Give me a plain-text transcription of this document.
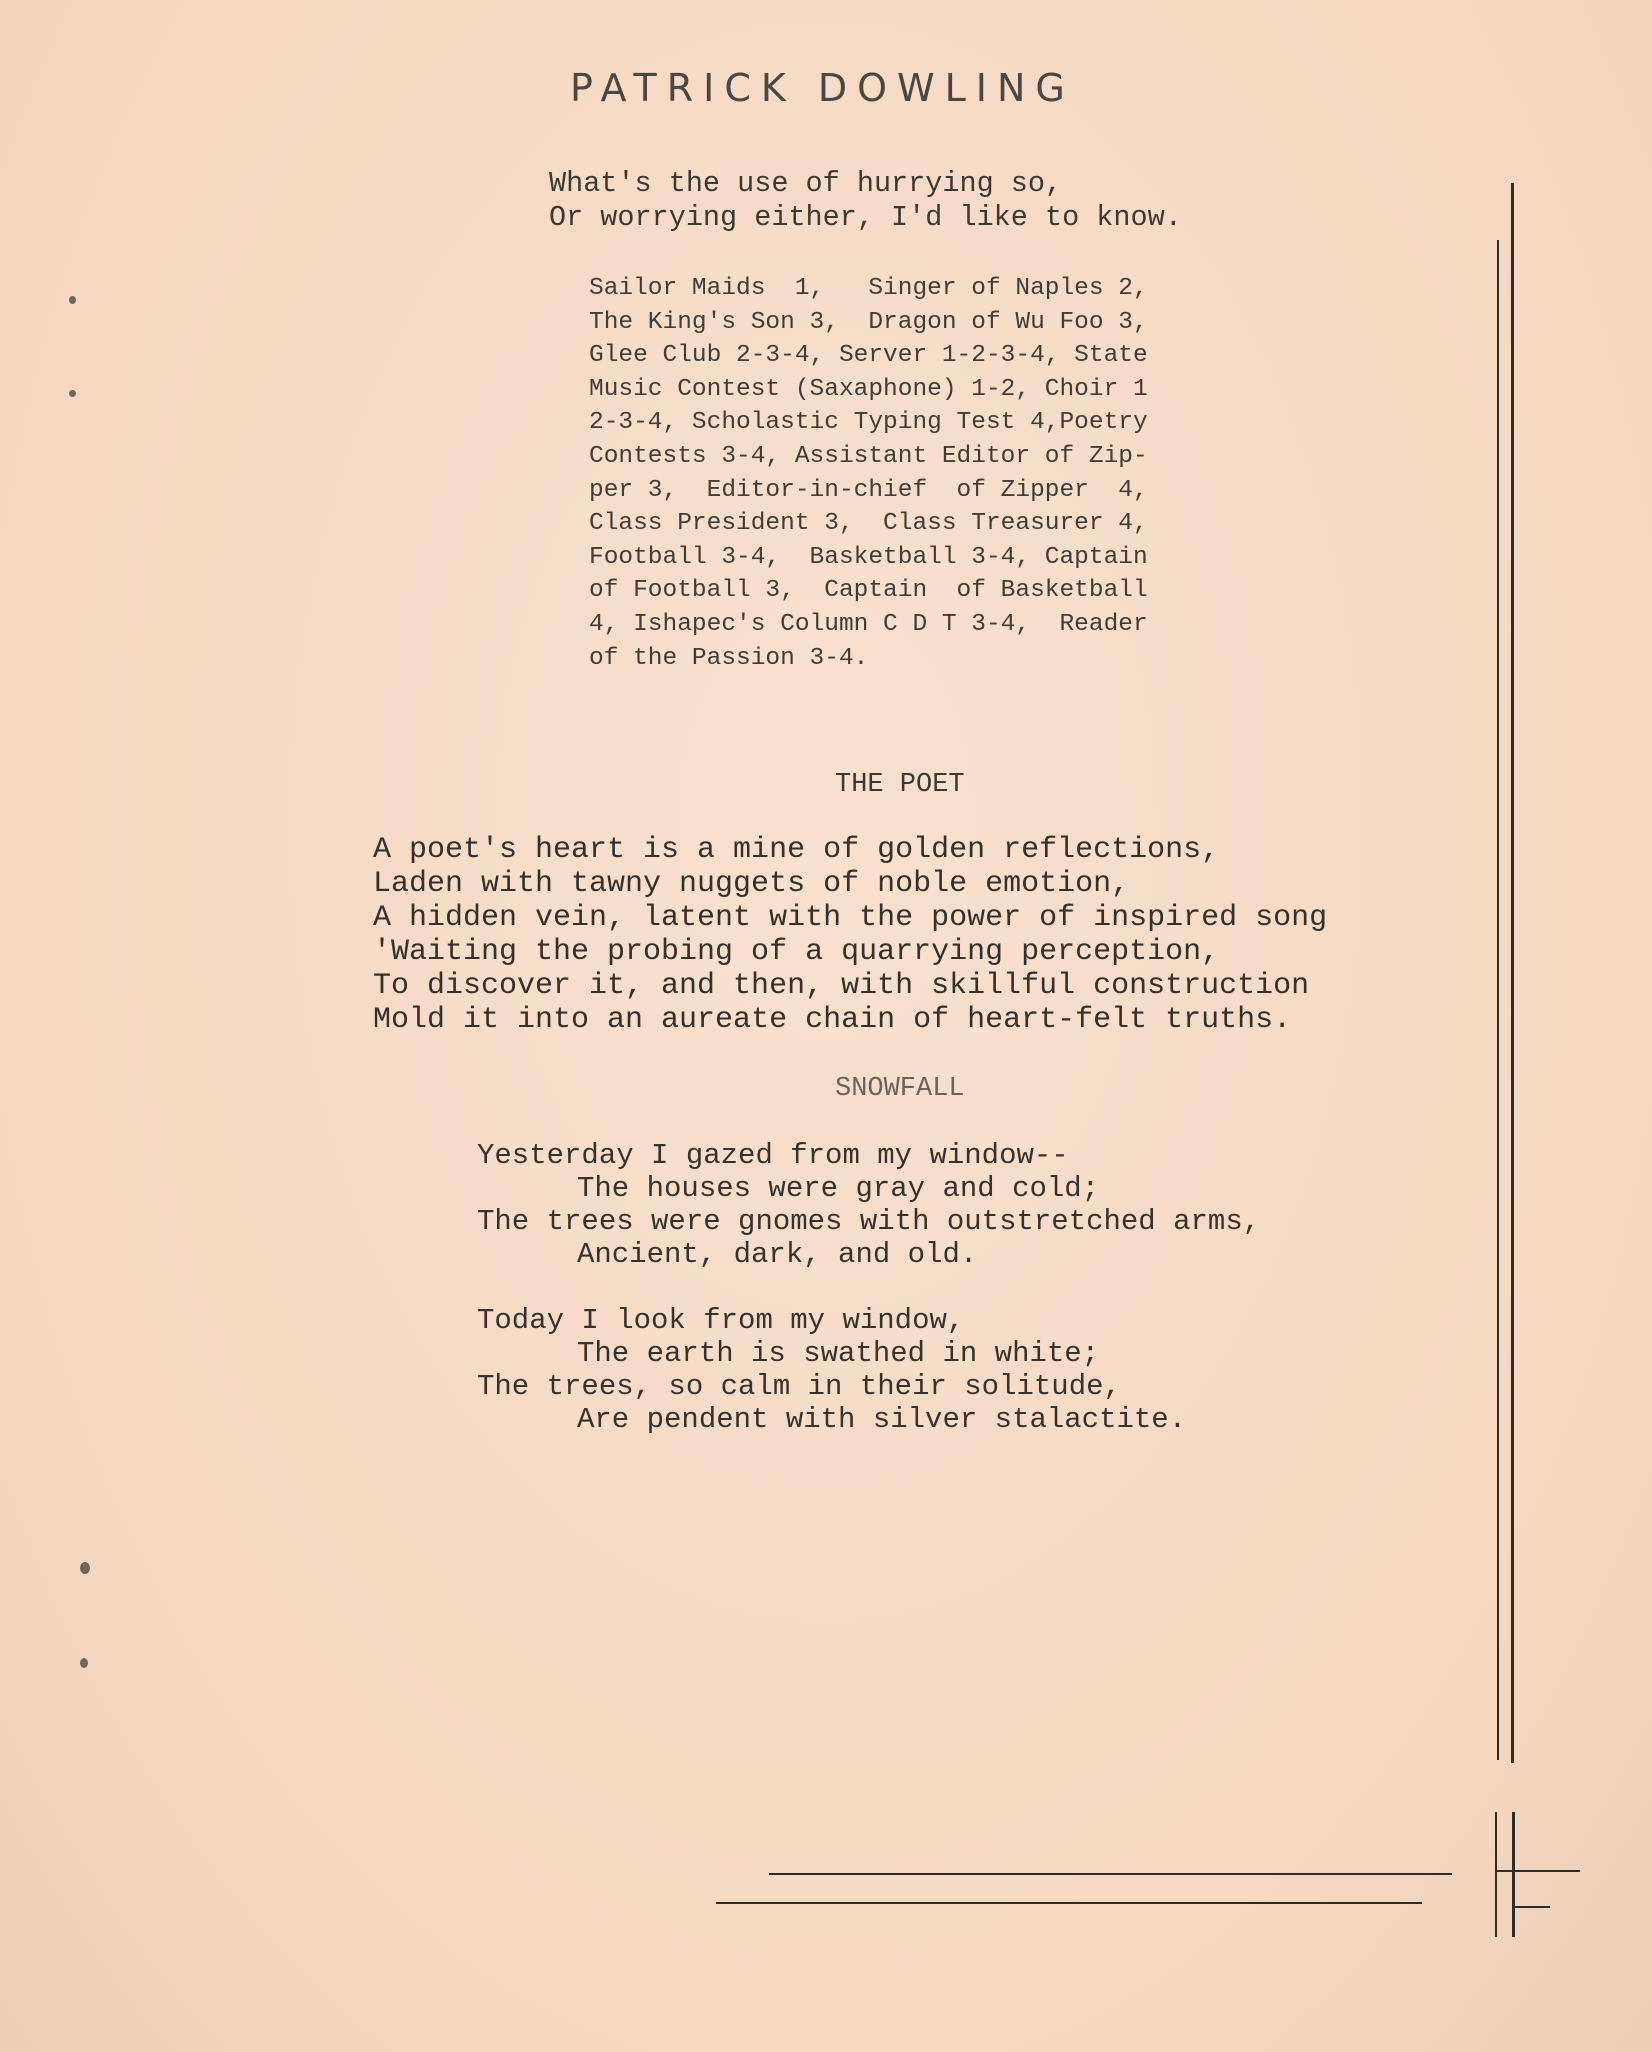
PATRICK DOWLING
What's the use of hurrying so,
Or worrying either, I'd like to know.
Sailor Maids  1,   Singer of Naples 2,
The King's Son 3,  Dragon of Wu Foo 3,
Glee Club 2-3-4, Server 1-2-3-4, State
Music Contest (Saxaphone) 1-2, Choir 1
2-3-4, Scholastic Typing Test 4,Poetry
Contests 3-4, Assistant Editor of Zip-
per 3,  Editor-in-chief  of Zipper  4,
Class President 3,  Class Treasurer 4,
Football 3-4,  Basketball 3-4, Captain
of Football 3,  Captain  of Basketball
4, Ishapec's Column C D T 3-4,  Reader
of the Passion 3-4.
THE POET
A poet's heart is a mine of golden reflections,
Laden with tawny nuggets of noble emotion,
A hidden vein, latent with the power of inspired song
'Waiting the probing of a quarrying perception,
To discover it, and then, with skillful construction
Mold it into an aureate chain of heart-felt truths.
SNOWFALL
Yesterday I gazed from my window--
The houses were gray and cold;
The trees were gnomes with outstretched arms,
Ancient, dark, and old.
Today I look from my window,
The earth is swathed in white;
The trees, so calm in their solitude,
Are pendent with silver stalactite.
